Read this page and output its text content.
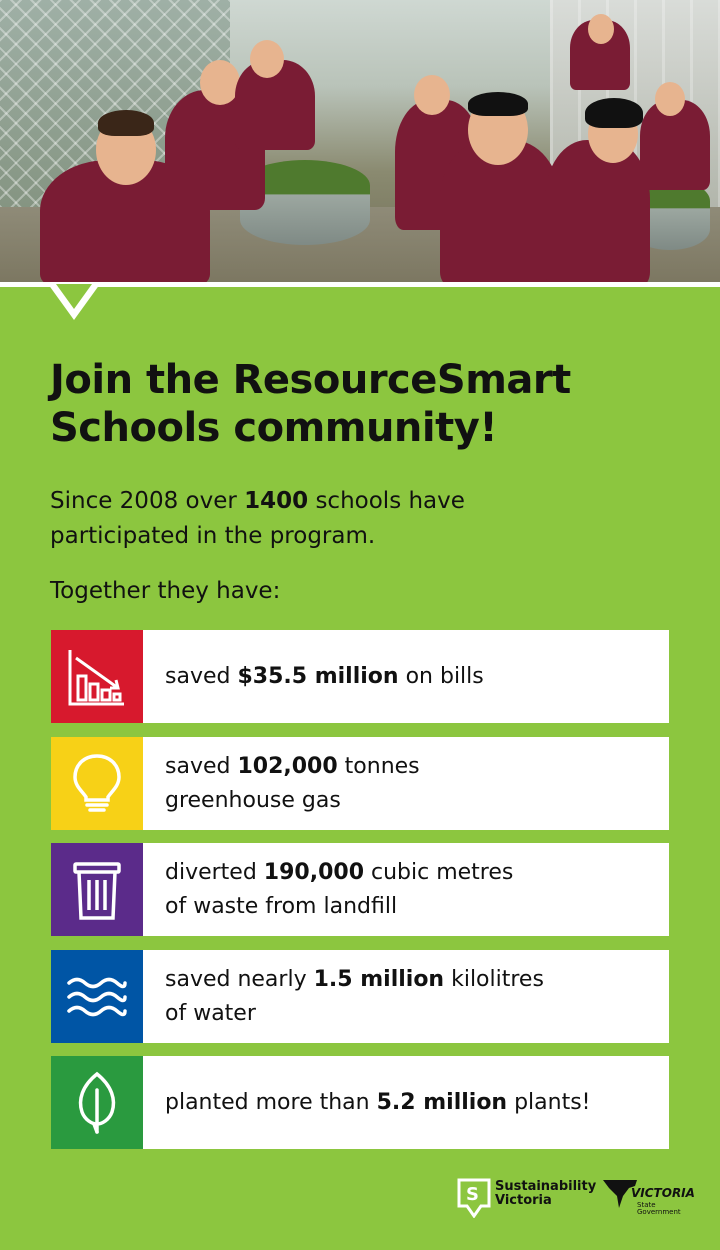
Join the ResourceSmart
Schools community!

Since 2008 over 1400 schools have
participated in the program.

Together they have:

saved $35.5 million on bills
saved 102,000 tonnes
greenhouse gas
diverted 190,000 cubic metres
of waste from landfill
saved nearly 1.5 million kilolitres
of water
planted more than 5.2 million plants!
S Sustainability
Victoria	VICTORIA
State
Government
